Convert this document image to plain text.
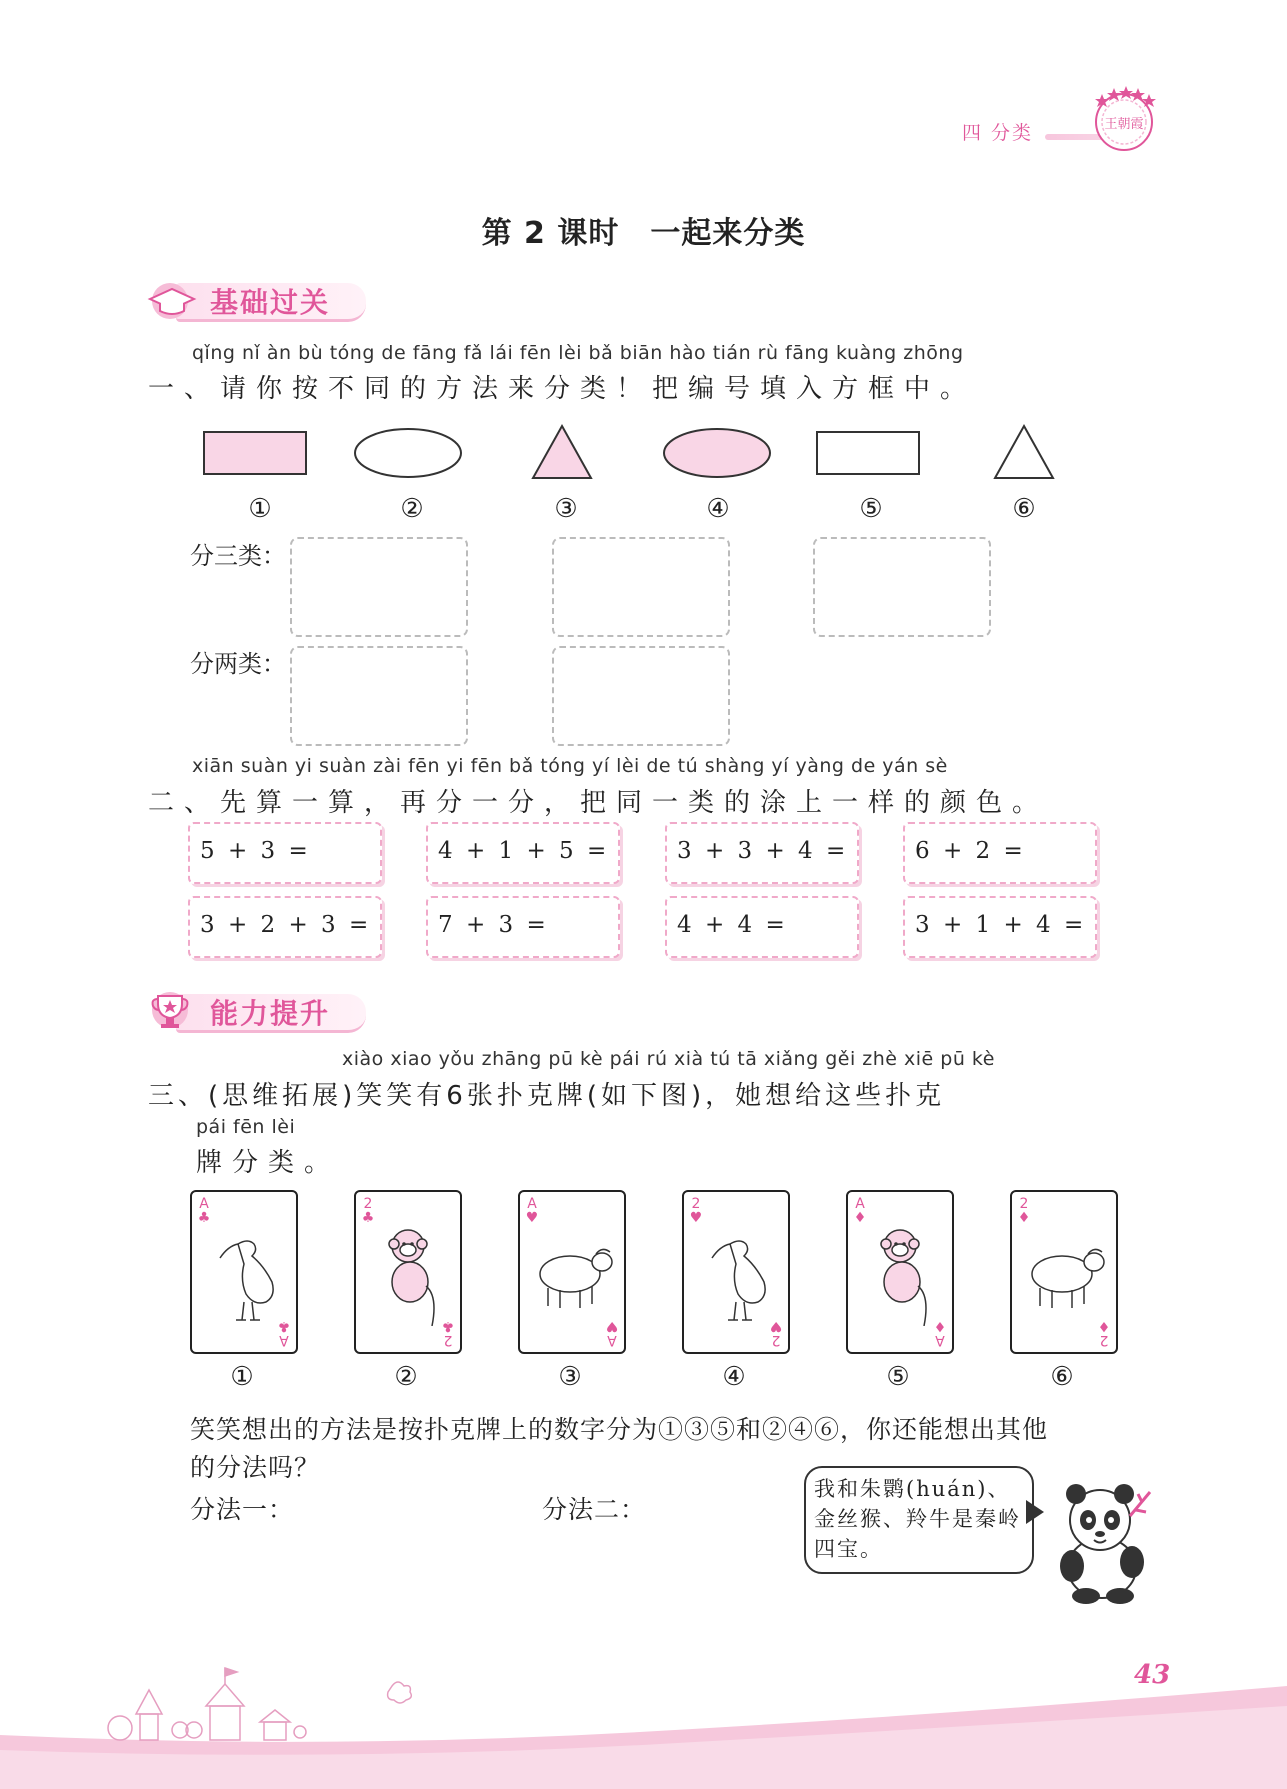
四 分类	王朝霞
第 2 课时　一起来分类
基础过关
qǐng nǐ àn bù tóng de fāng fǎ lái fēn lèi bǎ biān hào tián rù fāng kuàng zhōng
一、请你按不同的方法来分类！把编号填入方框中。
①	②	③	④	⑤	⑥
分三类：
分两类：
xiān suàn yi suàn zài fēn yi fēn bǎ tóng yí lèi de tú shàng yí yàng de yán sè
二、先算一算，再分一分，把同一类的涂上一样的颜色。
5 + 3 =	4 + 1 + 5 =	3 + 3 + 4 =	6 + 2 =
3 + 2 + 3 =	7 + 3 =	4 + 4 =	3 + 1 + 4 =
能力提升
xiào xiao yǒu zhāng pū kè pái rú xià tú tā xiǎng gěi zhè xiē pū kè
三、(思维拓展)笑笑有6张扑克牌(如下图)，她想给这些扑克
pái fēn lèi
牌分类。
A
♣
A
♣
2
♣
2
♣
A
♥
A
♥
2
♥
2
♥
A
♦
A
♦
2
♦
2
♦
①	②	③	④	⑤	⑥
笑笑想出的方法是按扑克牌上的数字分为①③⑤和②④⑥，你还能想出其他
的分法吗？
分法一：	分法二：
我和朱鹮(huán)、金丝猴、羚牛是秦岭四宝。
43
